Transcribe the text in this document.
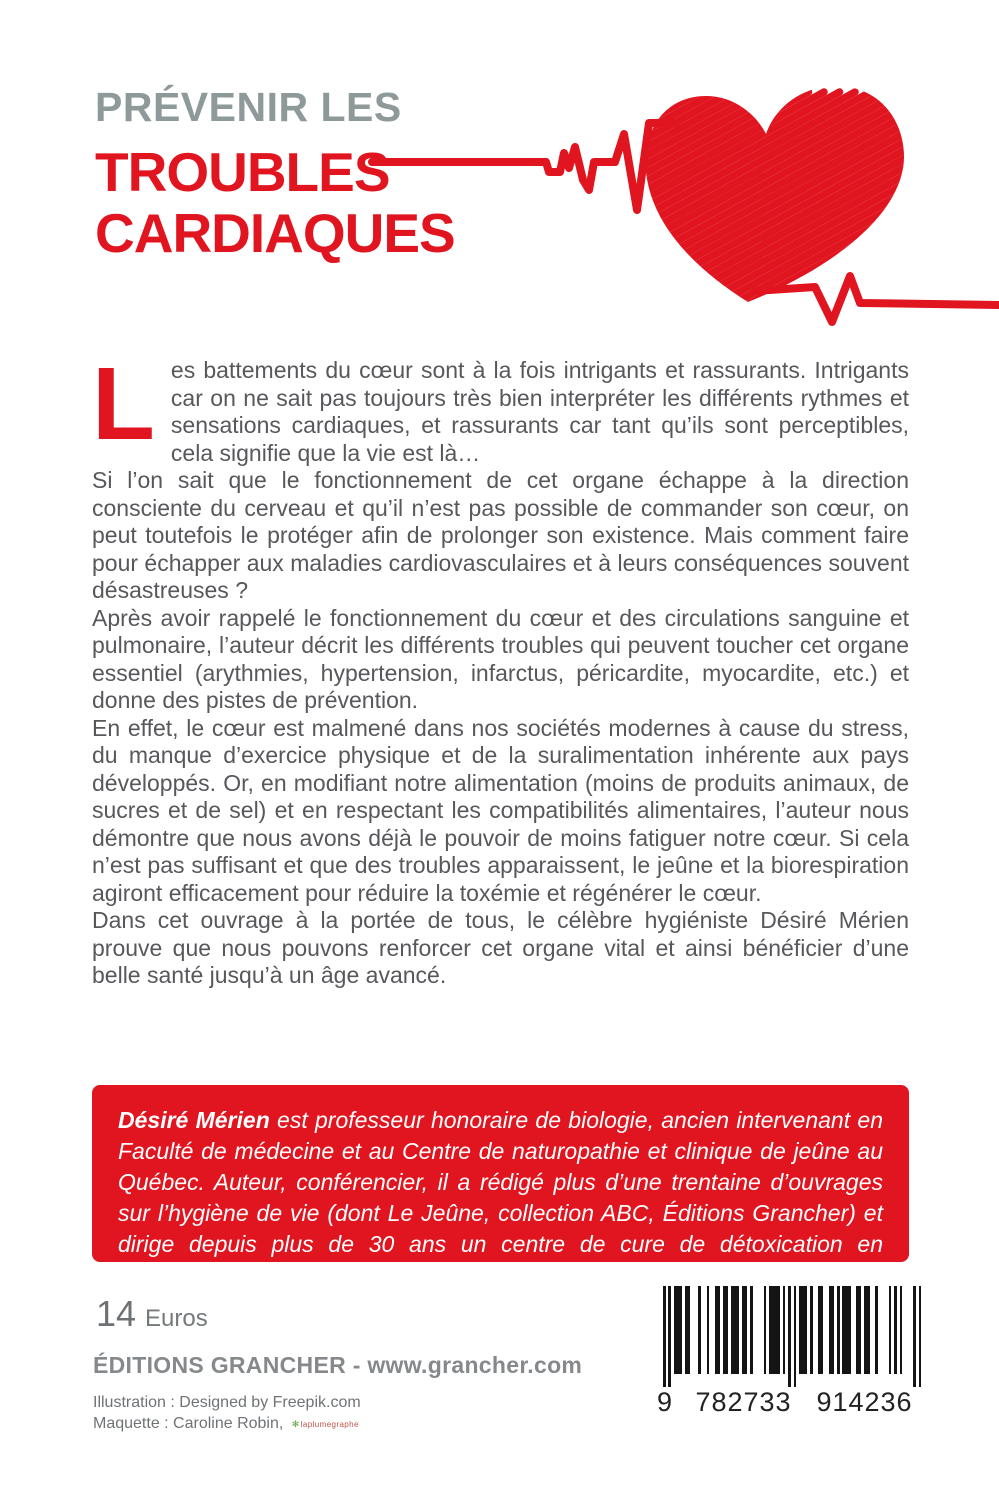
PRÉVENIR LES
TROUBLES
CARDIAQUES

Les battements du cœur sont à la fois intrigants et rassurants. Intrigants car on ne sait pas toujours très bien interpréter les différents rythmes et sensations cardiaques, et rassurants car tant qu’ils sont perceptibles, cela signifie que la vie est là…

Si l’on sait que le fonctionnement de cet organe échappe à la direction consciente du cerveau et qu’il n’est pas possible de commander son cœur, on peut toutefois le protéger afin de prolonger son existence. Mais comment faire pour échapper aux maladies cardiovasculaires et à leurs conséquences souvent désastreuses ?

Après avoir rappelé le fonctionnement du cœur et des circulations sanguine et pulmonaire, l’auteur décrit les différents troubles qui peuvent toucher cet organe essentiel (arythmies, hypertension, infarctus, péricardite, myocardite, etc.) et donne des pistes de prévention.

En effet, le cœur est malmené dans nos sociétés modernes à cause du stress, du manque d’exercice physique et de la suralimentation inhérente aux pays développés. Or, en modifiant notre alimentation (moins de produits animaux, de sucres et de sel) et en respectant les compatibilités alimentaires, l’auteur nous démontre que nous avons déjà le pouvoir de moins fatiguer notre cœur. Si cela n’est pas suffisant et que des troubles apparaissent, le jeûne et la biorespiration agiront efficacement pour réduire la toxémie et régénérer le cœur.

Dans cet ouvrage à la portée de tous, le célèbre hygiéniste Désiré Mérien prouve que nous pouvons renforcer cet organe vital et ainsi bénéficier d’une belle santé jusqu’à un âge avancé.

Désiré Mérien est professeur honoraire de biologie, ancien intervenant en Faculté de médecine et au Centre de naturopathie et clinique de jeûne au Québec. Auteur, conférencier, il a rédigé plus d’une trentaine d’ouvrages sur l’hygiène de vie (dont Le Jeûne, collection ABC, Éditions Grancher) et dirige depuis plus de 30 ans un centre de cure de détoxication en Bretagne.
14 Euros
ÉDITIONS GRANCHER - www.grancher.com
Illustration : Designed by Freepik.com
Maquette : Caroline Robin, ✻laplumegraphe
9 782733 914236
